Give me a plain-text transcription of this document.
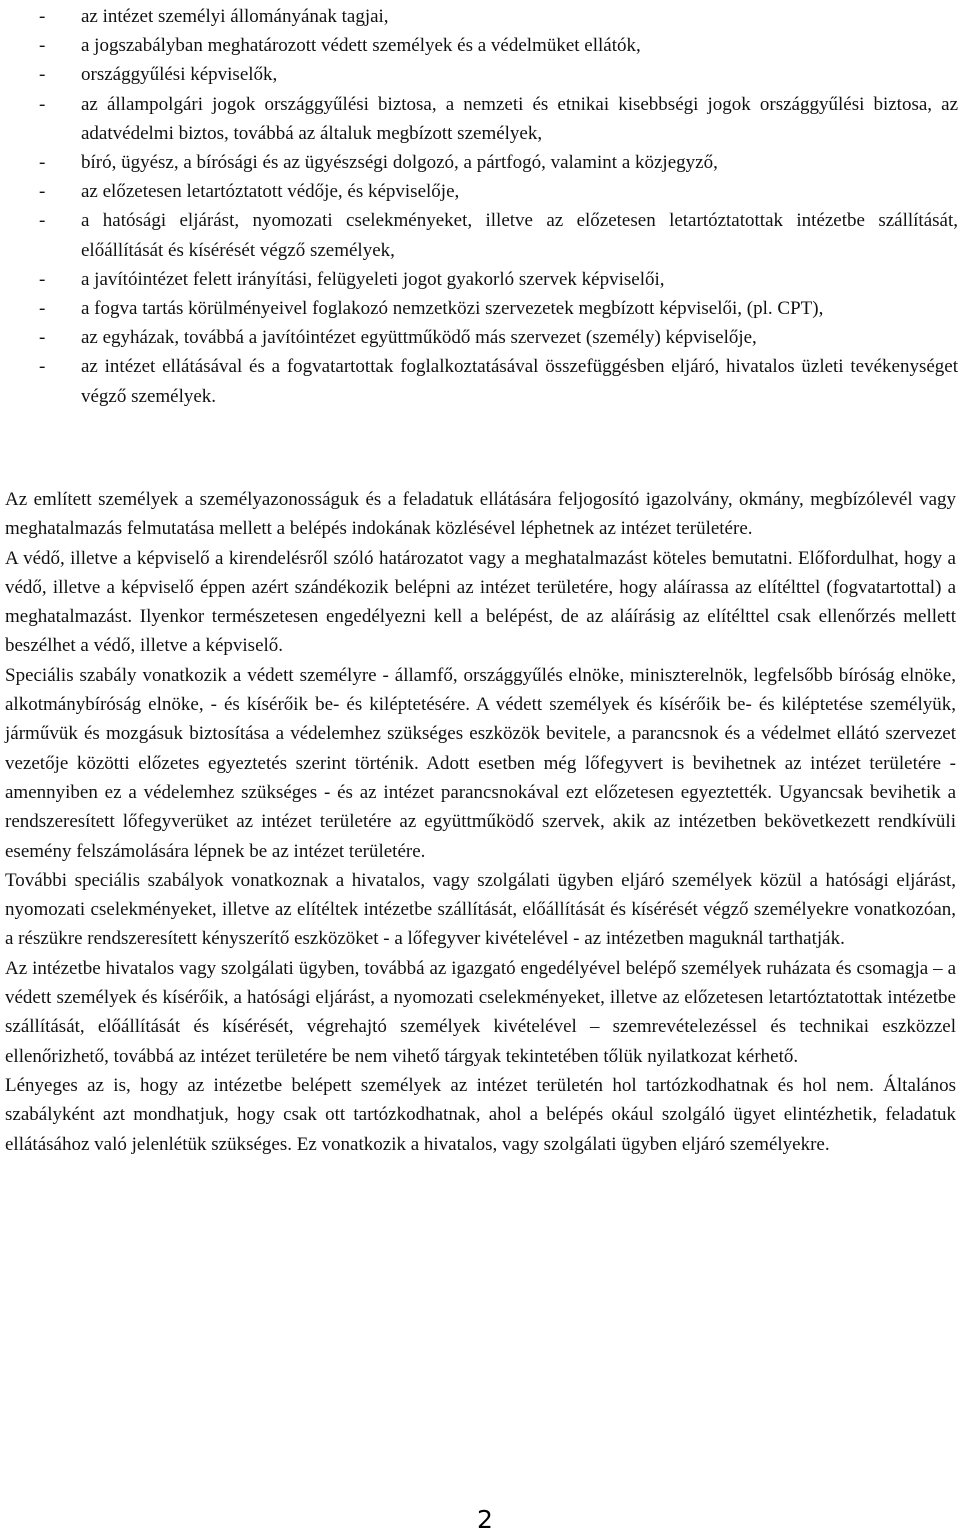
- az intézet személyi állományának tagjai,
- a jogszabályban meghatározott védett személyek és a védelmüket ellátók,
- országgyűlési képviselők,
- az állampolgári jogok országgyűlési biztosa, a nemzeti és etnikai kisebbségi jogok országgyűlési biztosa, az adatvédelmi biztos, továbbá az általuk megbízott személyek,
- bíró, ügyész, a bírósági és az ügyészségi dolgozó, a pártfogó, valamint a közjegyző,
- az előzetesen letartóztatott védője, és képviselője,
- a hatósági eljárást, nyomozati cselekményeket, illetve az előzetesen letartóztatottak intézetbe szállítását, előállítását és kísérését végző személyek,
- a javítóintézet felett irányítási, felügyeleti jogot gyakorló szervek képviselői,
- a fogva tartás körülményeivel foglakozó nemzetközi szervezetek megbízott képviselői, (pl. CPT),
- az egyházak, továbbá a javítóintézet együttműködő más szervezet (személy) képviselője,
- az intézet ellátásával és a fogvatartottak foglalkoztatásával összefüggésben eljáró, hivatalos üzleti tevékenységet végző személyek.

Az említett személyek a személyazonosságuk és a feladatuk ellátására feljogosító igazolvány, okmány, megbízólevél vagy meghatalmazás felmutatása mellett a belépés indokának közlésével léphetnek az intézet területére.

A védő, illetve a képviselő a kirendelésről szóló határozatot vagy a meghatalmazást köteles bemutatni. Előfordulhat, hogy a védő, illetve a képviselő éppen azért szándékozik belépni az intézet területére, hogy aláírassa az elítélttel (fogvatartottal) a meghatalmazást. Ilyenkor természetesen engedélyezni kell a belépést, de az aláírásig az elítélttel csak ellenőrzés mellett beszélhet a védő, illetve a képviselő.

Speciális szabály vonatkozik a védett személyre - államfő, országgyűlés elnöke, miniszterelnök, legfelsőbb bíróság elnöke, alkotmánybíróság elnöke, - és kísérőik be- és kiléptetésére. A védett személyek és kísérőik be- és kiléptetése személyük, járművük és mozgásuk biztosítása a védelemhez szükséges eszközök bevitele, a parancsnok és a védelmet ellátó szervezet vezetője közötti előzetes egyeztetés szerint történik. Adott esetben még lőfegyvert is bevihetnek az intézet területére - amennyiben ez a védelemhez szükséges - és az intézet parancsnokával ezt előzetesen egyeztették. Ugyancsak bevihetik a rendszeresített lőfegyverüket az intézet területére az együttműködő szervek, akik az intézetben bekövetkezett rendkívüli esemény felszámolására lépnek be az intézet területére.

További speciális szabályok vonatkoznak a hivatalos, vagy szolgálati ügyben eljáró személyek közül a hatósági eljárást, nyomozati cselekményeket, illetve az elítéltek intézetbe szállítását, előállítását és kísérését végző személyekre vonatkozóan, a részükre rendszeresített kényszerítő eszközöket - a lőfegyver kivételével - az intézetben maguknál tarthatják.

Az intézetbe hivatalos vagy szolgálati ügyben, továbbá az igazgató engedélyével belépő személyek ruházata és csomagja – a védett személyek és kísérőik, a hatósági eljárást, a nyomozati cselekményeket, illetve az előzetesen letartóztatottak intézetbe szállítását, előállítását és kísérését, végrehajtó személyek kivételével – szemrevételezéssel és technikai eszközzel ellenőrizhető, továbbá az intézet területére be nem vihető tárgyak tekintetében tőlük nyilatkozat kérhető.

Lényeges az is, hogy az intézetbe belépett személyek az intézet területén hol tartózkodhatnak és hol nem. Általános szabályként azt mondhatjuk, hogy csak ott tartózkodhatnak, ahol a belépés okául szolgáló ügyet elintézhetik, feladatuk ellátásához való jelenlétük szükséges. Ez vonatkozik a hivatalos, vagy szolgálati ügyben eljáró személyekre.

2
